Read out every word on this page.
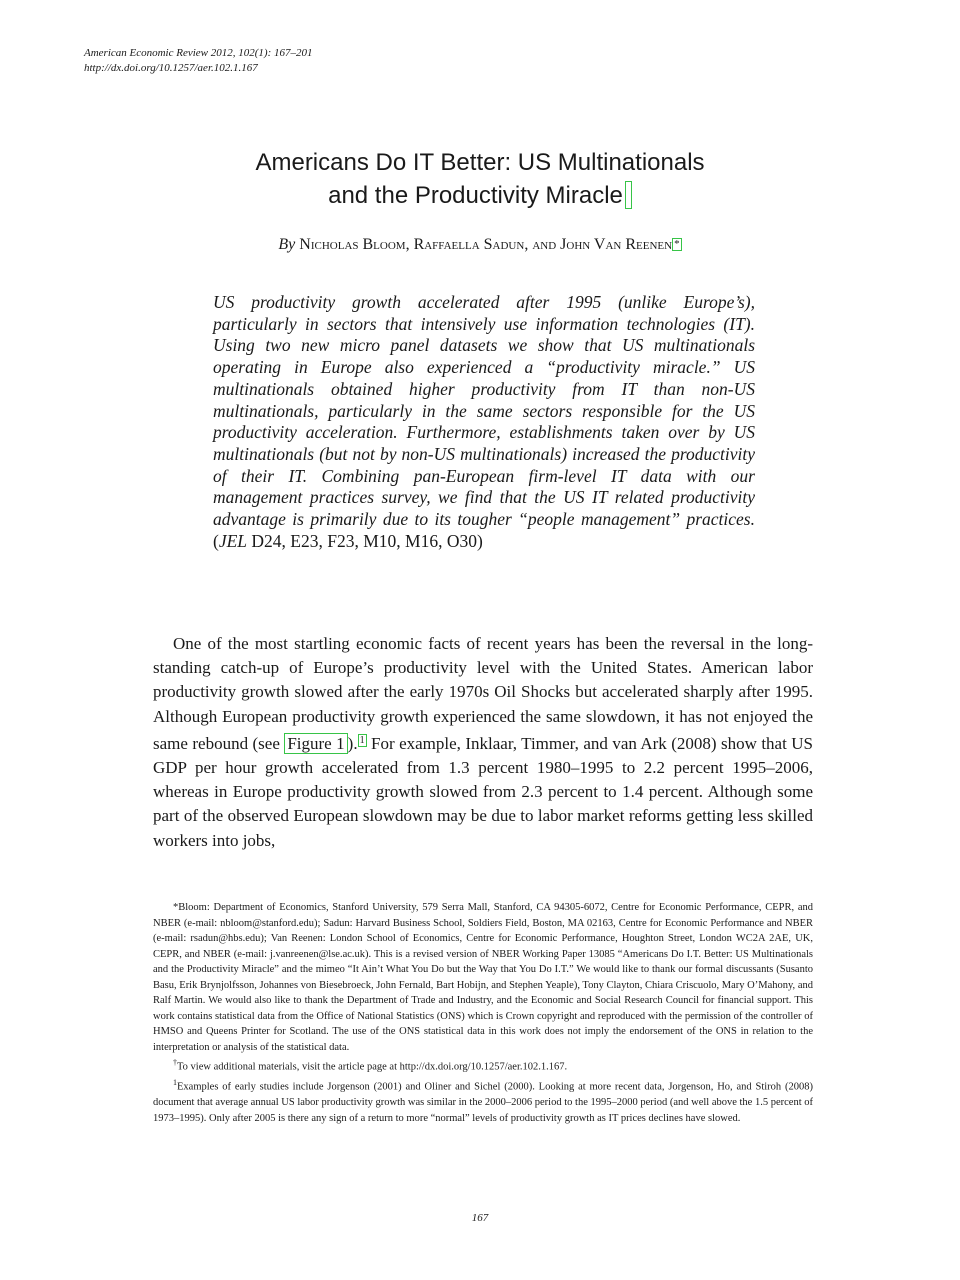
American Economic Review 2012, 102(1): 167–201
http://dx.doi.org/10.1257/aer.102.1.167
Americans Do IT Better: US Multinationals
and the Productivity Miracle
By Nicholas Bloom, Raffaella Sadun, and John Van Reenen *
US productivity growth accelerated after 1995 (unlike Europe’s), particularly in sectors that intensively use information technologies (IT). Using two new micro panel datasets we show that US multinationals operating in Europe also experienced a “productivity miracle.” US multinationals obtained higher productivity from IT than non-US multinationals, particularly in the same sectors responsible for the US productivity acceleration. Furthermore, establishments taken over by US multinationals (but not by non-US multinationals) increased the productivity of their IT. Combining pan-European firm-level IT data with our management practices survey, we find that the US IT related productivity advantage is primarily due to its tougher “people management” practices. (JEL D24, E23, F23, M10, M16, O30)
One of the most startling economic facts of recent years has been the reversal in the long-standing catch-up of Europe’s productivity level with the United States. American labor productivity growth slowed after the early 1970s Oil Shocks but accelerated sharply after 1995. Although European productivity growth experienced the same slowdown, it has not enjoyed the same rebound (see Figure 1 ). $^1$ For example, Inklaar, Timmer, and van Ark (2008) show that US GDP per hour growth accelerated from 1.3 percent 1980–1995 to 2.2 percent 1995–2006, whereas in Europe productivity growth slowed from 2.3 percent to 1.4 percent. Although some part of the observed European slowdown may be due to labor market reforms getting less skilled workers into jobs,

*Bloom: Department of Economics, Stanford University, 579 Serra Mall, Stanford, CA 94305-6072, Centre for Economic Performance, CEPR, and NBER (e-mail: nbloom@stanford.edu); Sadun: Harvard Business School, Soldiers Field, Boston, MA 02163, Centre for Economic Performance and NBER (e-mail: rsadun@hbs.edu); Van Reenen: London School of Economics, Centre for Economic Performance, Houghton Street, London WC2A 2AE, UK, CEPR, and NBER (e-mail: j.vanreenen@lse.ac.uk). This is a revised version of NBER Working Paper 13085 “Americans Do I.T. Better: US Multinationals and the Productivity Miracle” and the mimeo “It Ain’t What You Do but the Way that You Do I.T.” We would like to thank our formal discussants (Susanto Basu, Erik Brynjolfsson, Johannes von Biesebroeck, John Fernald, Bart Hobijn, and Stephen Yeaple), Tony Clayton, Chiara Criscuolo, Mary O’Mahony, and Ralf Martin. We would also like to thank the Department of Trade and Industry, and the Economic and Social Research Council for financial support. This work contains statistical data from the Office of National Statistics (ONS) which is Crown copyright and reproduced with the permission of the controller of HMSO and Queens Printer for Scotland. The use of the ONS statistical data in this work does not imply the endorsement of the ONS in relation to the interpretation or analysis of the statistical data.

†To view additional materials, visit the article page at http://dx.doi.org/10.1257/aer.102.1.167.

$^1$Examples of early studies include Jorgenson (2001) and Oliner and Sichel (2000). Looking at more recent data, Jorgenson, Ho, and Stiroh (2008) document that average annual US labor productivity growth was similar in the 2000–2006 period to the 1995–2000 period (and well above the 1.5 percent of 1973–1995). Only after 2005 is there any sign of a return to more “normal” levels of productivity growth as IT prices declines have slowed.

167
